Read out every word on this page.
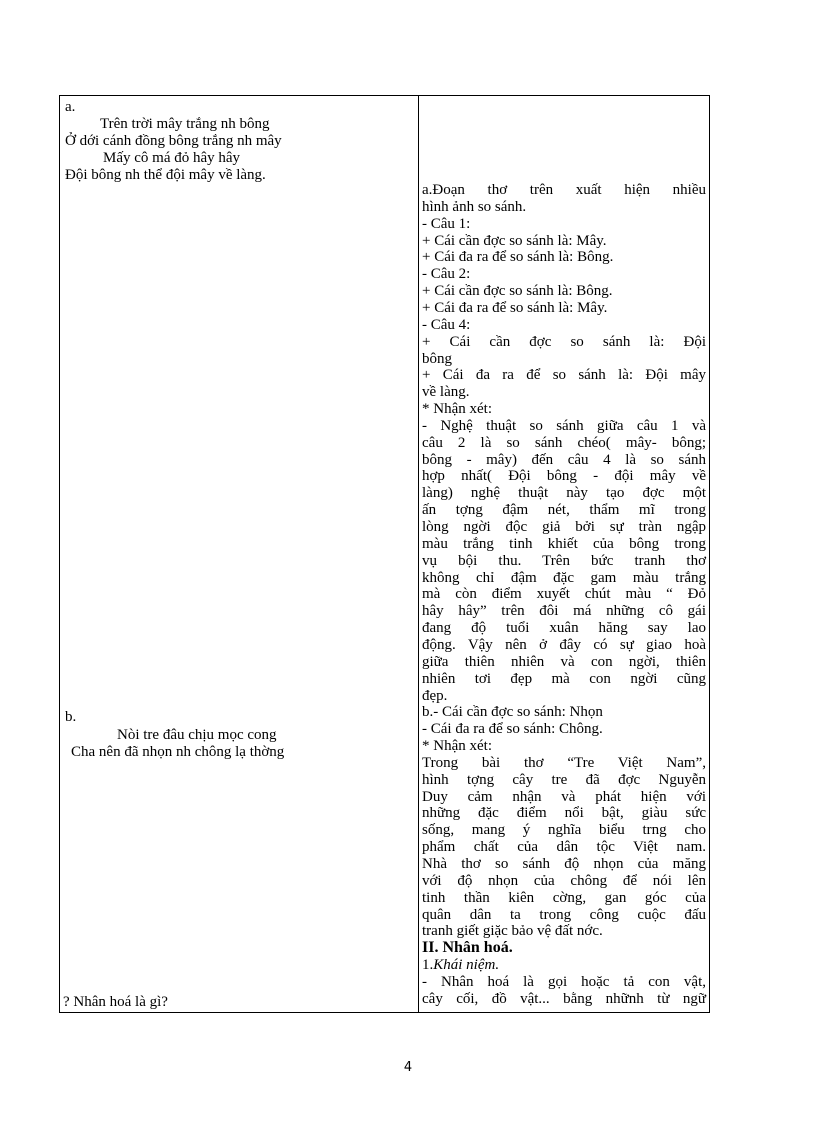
a.
Trên trời mây trắng nh bông
Ở dới cánh đồng bông trắng nh mây
Mấy cô má đỏ hây hây
Đội bông nh thể đội mây về làng.
b.
Nòi tre đâu chịu mọc cong
Cha nên đã nhọn nh chông lạ thờng
? Nhân hoá là gì?
a.Đoạn thơ trên xuất hiện nhiều
hình ảnh so sánh.
- Câu 1:
+ Cái cần đợc so sánh là: Mây.
+ Cái đa ra để so sánh là: Bông.
- Câu 2:
+ Cái cần đợc so sánh là: Bông.
+ Cái đa ra để so sánh là: Mây.
- Câu 4:
+ Cái cần đợc so sánh là: Đội
bông
+ Cái đa ra để so sánh là: Đội mây
về làng.
* Nhận xét:
- Nghệ thuật so sánh giữa câu 1 và
câu 2 là so sánh chéo( mây- bông;
bông - mây) đến câu 4 là so sánh
hợp nhất( Đội bông - đội mây về
làng) nghệ thuật này tạo đợc một
ấn tợng đậm nét, thẩm mĩ trong
lòng ngời độc giả bởi sự tràn ngập
màu trắng tinh khiết của bông trong
vụ bội thu. Trên bức tranh thơ
không chỉ đậm đặc gam màu trắng
mà còn điểm xuyết chút màu “ Đỏ
hây hây” trên đôi má những cô gái
đang độ tuổi xuân hăng say lao
động. Vậy nên ở đây có sự giao hoà
giữa thiên nhiên và con ngời, thiên
nhiên tơi đẹp mà con ngời cũng
đẹp.
b.- Cái cần đợc so sánh: Nhọn
- Cái đa ra để so sánh: Chông.
* Nhận xét:
Trong bài thơ “Tre Việt Nam”,
hình tợng cây tre đã đợc Nguyễn
Duy cảm nhận và phát hiện với
những đặc điểm nổi bật, giàu sức
sống, mang ý nghĩa biểu trng cho
phẩm chất của dân tộc Việt nam.
Nhà thơ so sánh độ nhọn của măng
với độ nhọn của chông để nói lên
tinh thần kiên cờng, gan góc của
quân dân ta trong công cuộc đấu
tranh giết giặc bảo vệ đất nớc.
II. Nhân hoá.
1.Khái niệm.
- Nhân hoá là gọi hoặc tả con vật,
cây cối, đồ vật... bằng nhữnh từ ngữ
4
